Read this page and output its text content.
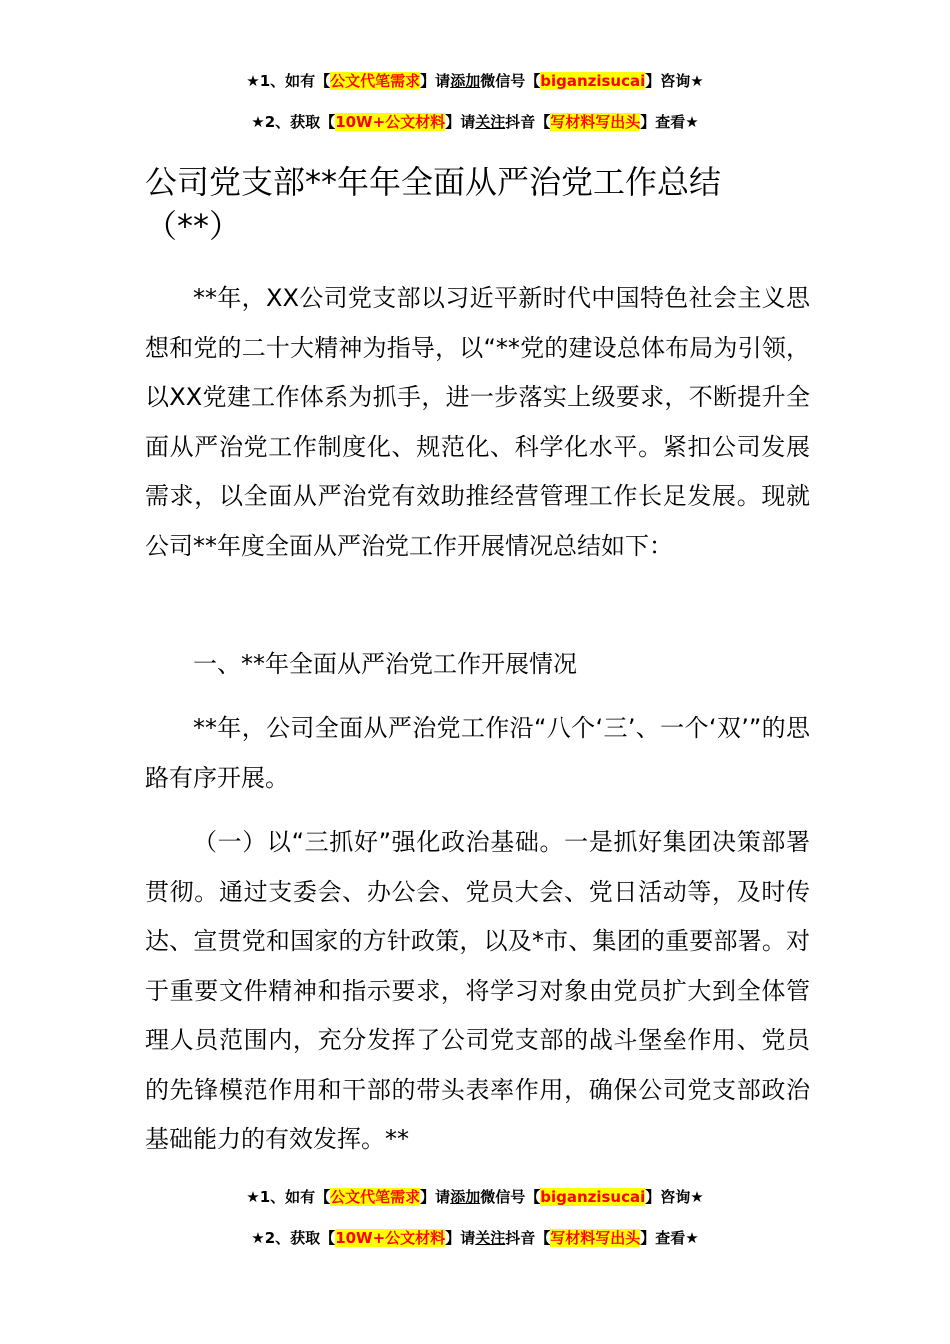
★1、如有【公文代笔需求】请添加微信号【biganzisucai】咨询★
★2、获取【10W+公文材料】请关注抖音【写材料写出头】查看★
公司党支部**年年全面从严治党工作总结
（**）

**年，XX公司党支部以习近平新时代中国特色社会主义思想和党的二十大精神为指导，以“**党的建设总体布局为引领，以XX党建工作体系为抓手，进一步落实上级要求，不断提升全面从严治党工作制度化、规范化、科学化水平。紧扣公司发展需求，以全面从严治党有效助推经营管理工作长足发展。现就公司**年度全面从严治党工作开展情况总结如下：

一、**年全面从严治党工作开展情况

**年，公司全面从严治党工作沿“八个‘三’、一个‘双’”的思路有序开展。

（一）以“三抓好”强化政治基础。一是抓好集团决策部署贯彻。通过支委会、办公会、党员大会、党日活动等，及时传达、宣贯党和国家的方针政策，以及*市、集团的重要部署。对于重要文件精神和指示要求，将学习对象由党员扩大到全体管理人员范围内，充分发挥了公司党支部的战斗堡垒作用、党员的先锋模范作用和干部的带头表率作用，确保公司党支部政治基础能力的有效发挥。**

★1、如有【公文代笔需求】请添加微信号【biganzisucai】咨询★
★2、获取【10W+公文材料】请关注抖音【写材料写出头】查看★
